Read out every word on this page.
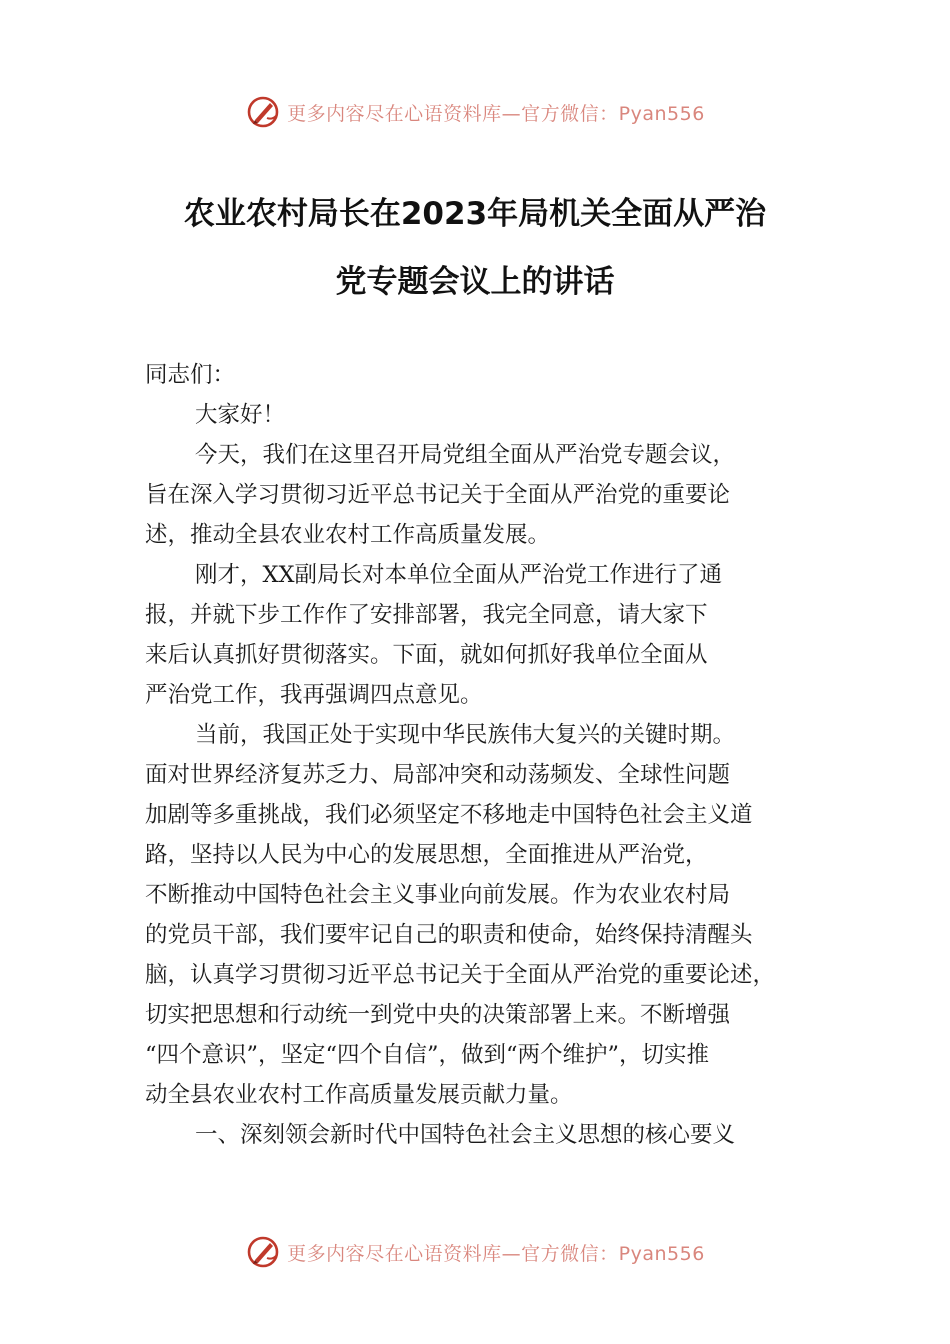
更多内容尽在心语资料库—官方微信：Pyan556
农业农村局长在2023年局机关全面从严治
党专题会议上的讲话
同志们：
大家好！
今天，我们在这里召开局党组全面从严治党专题会议，
旨在深入学习贯彻习近平总书记关于全面从严治党的重要论
述，推动全县农业农村工作高质量发展。
刚才，XX副局长对本单位全面从严治党工作进行了通
报，并就下步工作作了安排部署，我完全同意，请大家下
来后认真抓好贯彻落实。下面，就如何抓好我单位全面从
严治党工作，我再强调四点意见。
当前，我国正处于实现中华民族伟大复兴的关键时期。
面对世界经济复苏乏力、局部冲突和动荡频发、全球性问题
加剧等多重挑战，我们必须坚定不移地走中国特色社会主义道
路，坚持以人民为中心的发展思想，全面推进从严治党，
不断推动中国特色社会主义事业向前发展。作为农业农村局
的党员干部，我们要牢记自己的职责和使命，始终保持清醒头
脑，认真学习贯彻习近平总书记关于全面从严治党的重要论述，
切实把思想和行动统一到党中央的决策部署上来。不断增强
“四个意识”，坚定“四个自信”，做到“两个维护”，切实推
动全县农业农村工作高质量发展贡献力量。
一、深刻领会新时代中国特色社会主义思想的核心要义
更多内容尽在心语资料库—官方微信：Pyan556
